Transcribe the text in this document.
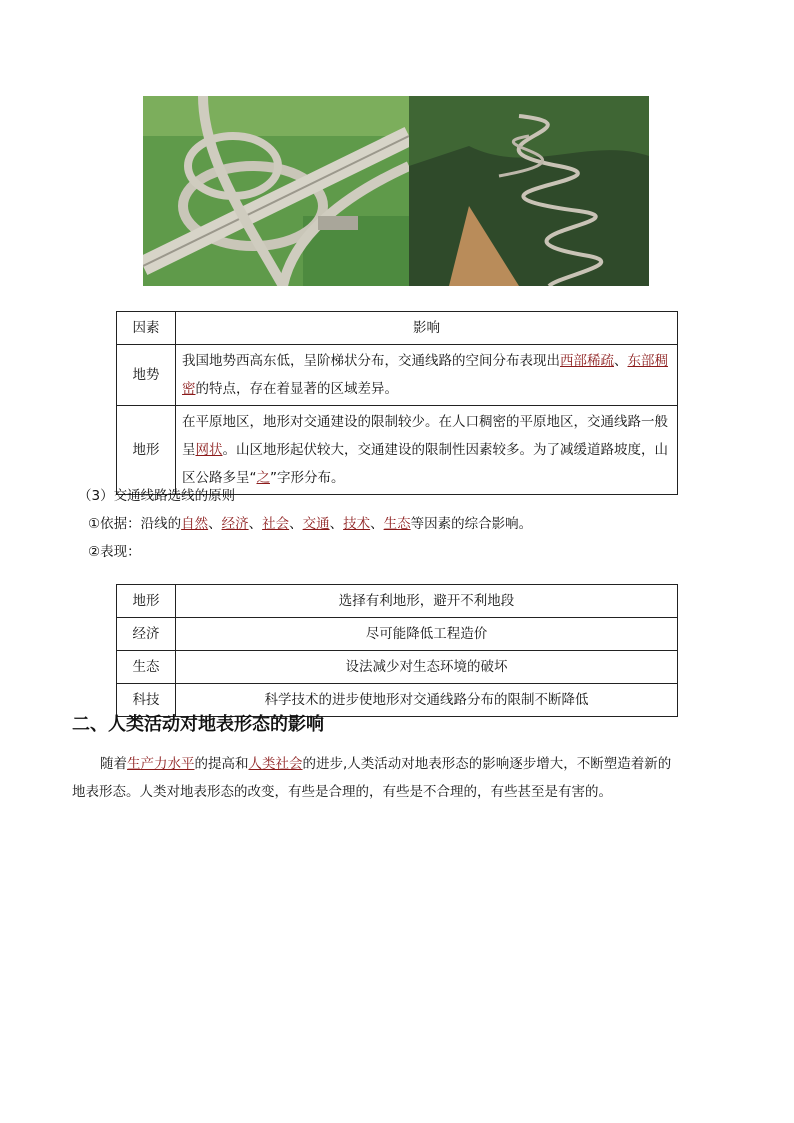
因素	影响
地势	我国地势西高东低，呈阶梯状分布，交通线路的空间分布表现出西部稀疏、东部稠密的特点，存在着显著的区域差异。
地形	在平原地区，地形对交通建设的限制较少。在人口稠密的平原地区，交通线路一般呈网状。山区地形起伏较大，交通建设的限制性因素较多。为了减缓道路坡度，山区公路多呈“之”字形分布。
（3）交通线路选线的原则
①依据：沿线的自然、经济、社会、交通、技术、生态等因素的综合影响。
②表现：
地形	选择有利地形，避开不利地段
经济	尽可能降低工程造价
生态	设法减少对生态环境的破坏
科技	科学技术的进步使地形对交通线路分布的限制不断降低
二、人类活动对地表形态的影响
随着生产力水平的提高和人类社会的进步,人类活动对地表形态的影响逐步增大，不断塑造着新的地表形态。人类对地表形态的改变，有些是合理的，有些是不合理的，有些甚至是有害的。
